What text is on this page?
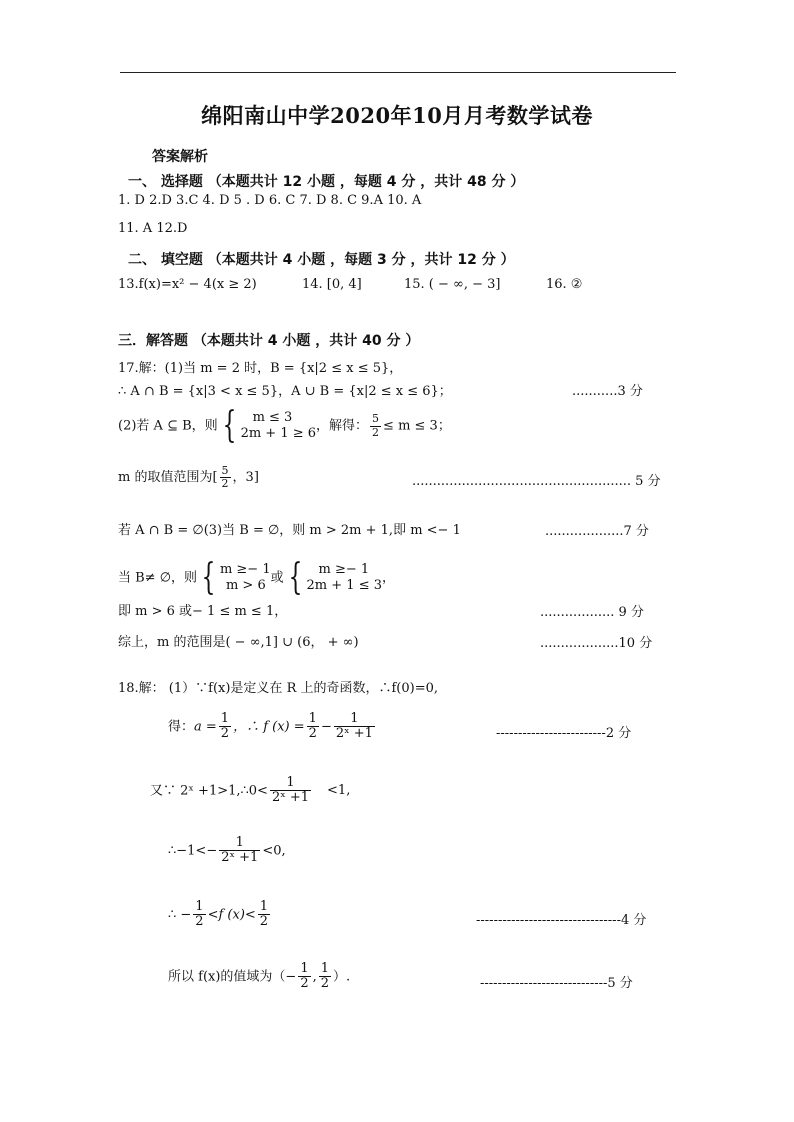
绵阳南山中学2020年10月月考数学试卷
答案解析
一、 选择题 （本题共计 12 小题 ，每题 4 分 ，共计 48 分 ）
1. D 2.D 3.C 4. D 5 . D 6. C 7. D 8. C 9.A 10. A
11. A 12.D
二、 填空题 （本题共计 4 小题 ，每题 3 分 ，共计 12 分 ）
13.f(x)=x² − 4(x ≥ 2)	14. [0, 4]	15. ( − ∞, − 3]	16. ②
三．解答题 （本题共计 4 小题 ，共计 40 分 ）
17.解：(1)当 m = 2 时，B = {x|2 ≤ x ≤ 5}，
∴ A ∩ B = {x|3 < x ≤ 5}，A ∪ B = {x|2 ≤ x ≤ 6}；	...........3 分
(2)若 A ⊆ B，则 {	m ≤ 3
2m + 1 ≥ 6 ，解得： $\frac{5}{2} \le m \le 3$；
m 的取值范围为[ $\frac{5}{2}$ ，3]	..................................................... 5 分
若 A ∩ B = ∅(3)当 B = ∅，则 m > 2m + 1,即 m <− 1	...................7 分
当 B≠ ∅，则 { m ≥− 1
m > 6 或 {	m ≥− 1
2m + 1 ≤ 3 ，
即 m > 6 或− 1 ≤ m ≤ 1，	.................. 9 分
综上，m 的范围是( − ∞,1] ∪ (6， + ∞)	...................10 分
18.解： (1）∵f(x)是定义在 R 上的奇函数，∴f(0)=0,
得：$a = \frac{1}{2}$ ，∴ f $(x) = \frac{1}{2} - \frac{1}{\text{2ˣ +1}}$	-------------------------2 分
又∵ 2ˣ +1>1,∴0< $\frac{1}{\text{2ˣ +1}} <1$,
∴−1<− $\frac{1}{\text{2ˣ +1}} <0$,
∴ − $\frac{1}{2} <f$ $(x)< \frac{1}{2}$	---------------------------------4 分
所以 f(x)的值域为（− $\frac{1}{2}$ , $\frac{1}{2}$ ）.	-----------------------------5 分
